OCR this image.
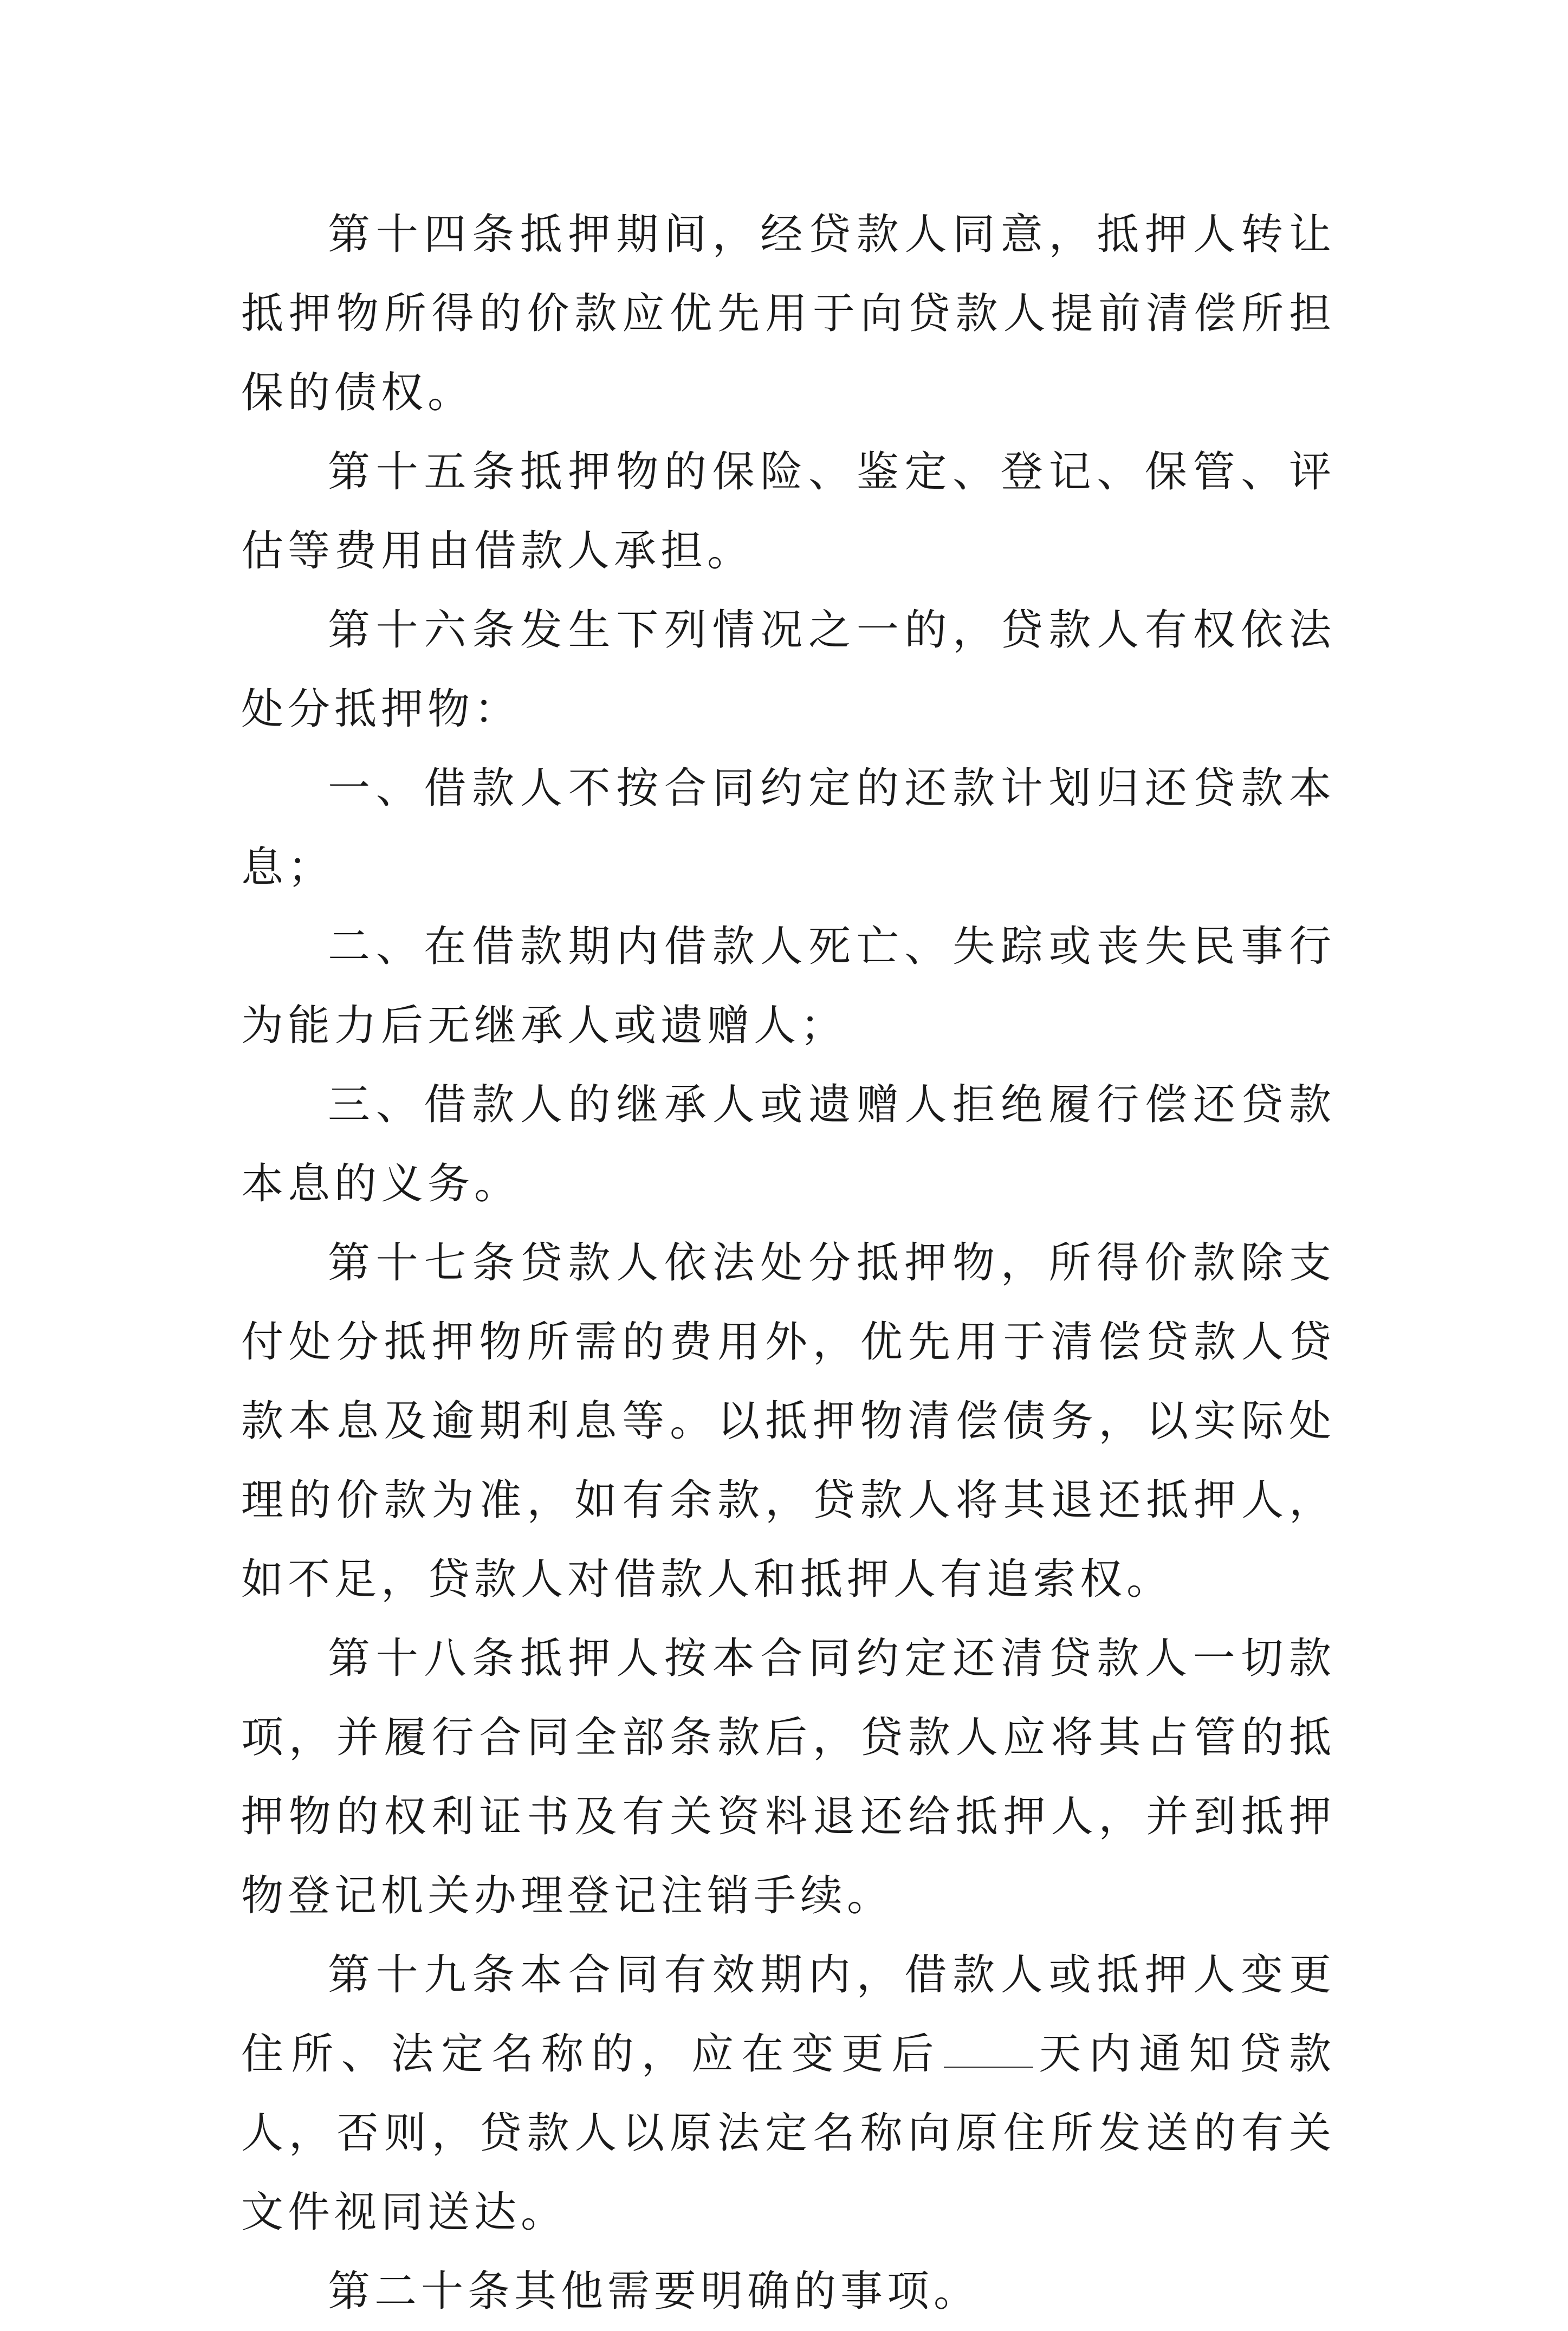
第十四条抵押期间，经贷款人同意，抵押人转让抵押物所得的价款应优先用于向贷款人提前清偿所担保的债权。

第十五条抵押物的保险、鉴定、登记、保管、评估等费用由借款人承担。

第十六条发生下列情况之一的，贷款人有权依法处分抵押物：

一、借款人不按合同约定的还款计划归还贷款本息；

二、在借款期内借款人死亡、失踪或丧失民事行为能力后无继承人或遗赠人；

三、借款人的继承人或遗赠人拒绝履行偿还贷款本息的义务。

第十七条贷款人依法处分抵押物，所得价款除支付处分抵押物所需的费用外，优先用于清偿贷款人贷款本息及逾期利息等。以抵押物清偿债务，以实际处理的价款为准，如有余款，贷款人将其退还抵押人，如不足，贷款人对借款人和抵押人有追索权。

第十八条抵押人按本合同约定还清贷款人一切款项，并履行合同全部条款后，贷款人应将其占管的抵押物的权利证书及有关资料退还给抵押人，并到抵押物登记机关办理登记注销手续。

第十九条本合同有效期内，借款人或抵押人变更住所、法定名称的，应在变更后 天内通知贷款人，否则，贷款人以原法定名称向原住所发送的有关文件视同送达。

第二十条其他需要明确的事项。
